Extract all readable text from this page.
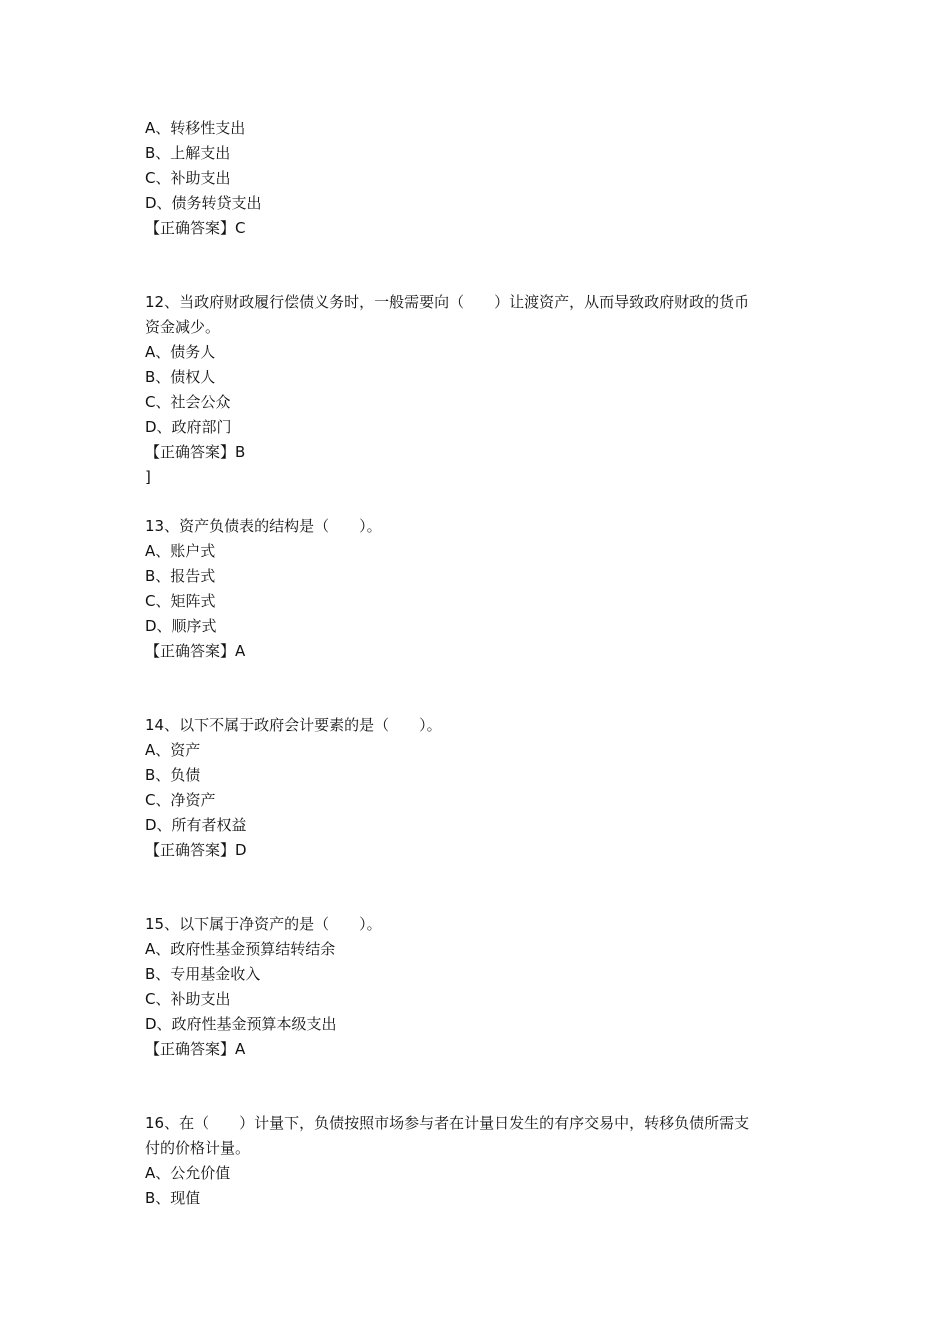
A、转移性支出
B、上解支出
C、补助支出
D、债务转贷支出
【正确答案】C
12、当政府财政履行偿债义务时，一般需要向（　　）让渡资产，从而导致政府财政的货币
资金减少。
A、债务人
B、债权人
C、社会公众
D、政府部门
【正确答案】B
]
13、资产负债表的结构是（　　）。
A、账户式
B、报告式
C、矩阵式
D、顺序式
【正确答案】A
14、以下不属于政府会计要素的是（　　）。
A、资产
B、负债
C、净资产
D、所有者权益
【正确答案】D
15、以下属于净资产的是（　　）。
A、政府性基金预算结转结余
B、专用基金收入
C、补助支出
D、政府性基金预算本级支出
【正确答案】A
16、在（　　）计量下，负债按照市场参与者在计量日发生的有序交易中，转移负债所需支
付的价格计量。
A、公允价值
B、现值
